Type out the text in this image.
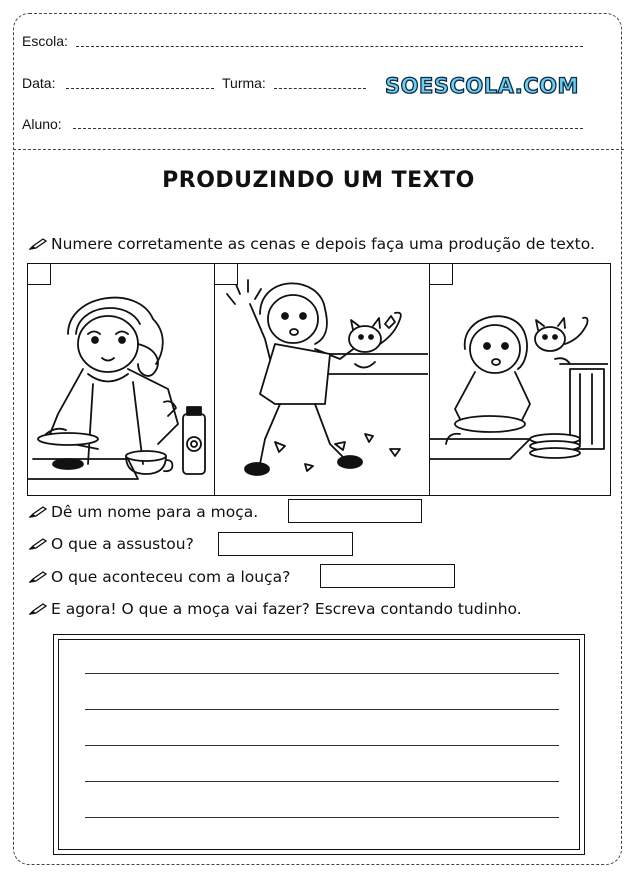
Escola:
Data:	Turma:	SOESCOLA.COM
Aluno:
PRODUZINDO UM TEXTO
Numere corretamente as cenas e depois faça uma produção de texto.
Dê um nome para a moça.
O que a assustou?
O que aconteceu com a louça?
E agora! O que a moça vai fazer? Escreva contando tudinho.
